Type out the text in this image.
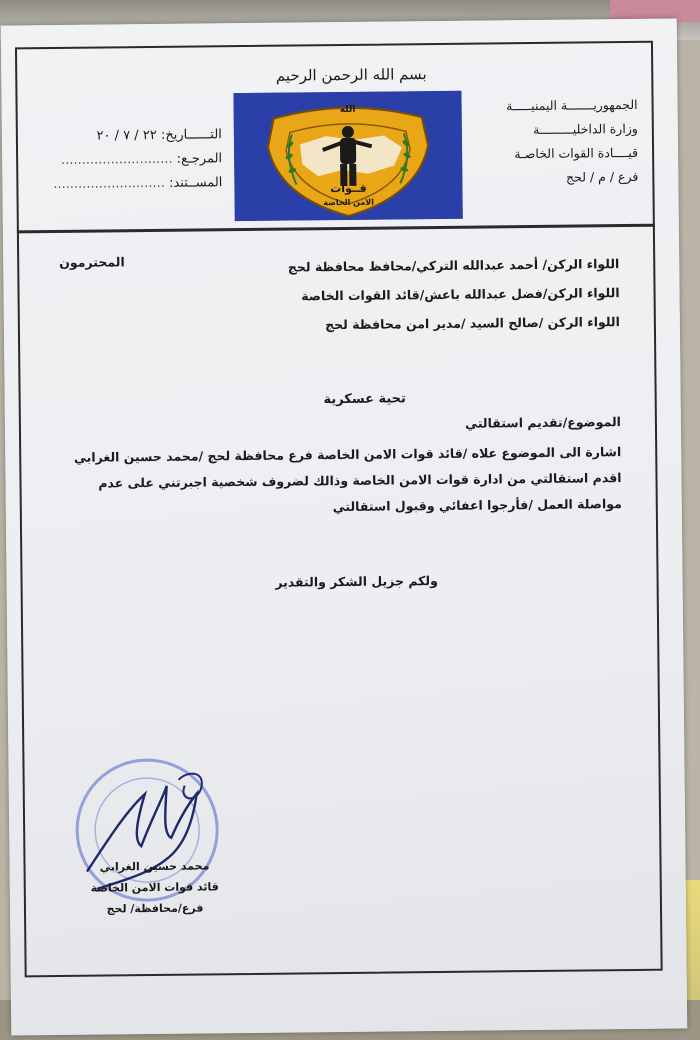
بسم الله الرحمن الرحيم
الجمهوريـــــــة اليمنيـــــة
وزارة الداخليـــــــــة
قيــــادة القوات الخاصـة
فرع / م / لحج
الله
قــوات
الامن الخاصة
التــــــاريخ: ٢٢ / ٧ / ٢٠
المرجـع: ...........................
المســتند: ...........................
اللواء الركن/ أحمد عبدالله التركي/محافظ محافظة لحج
اللواء الركن/فضل عبدالله باعش/قائد القوات الخاصة
اللواء الركن /صالح السيد /مدير امن محافظة لحج
المحترمون
تحية عسكرية
الموضوع/تقديم استقالتي
اشارة الى الموضوع علاه /قائد قوات الامن الخاصة فرع محافظة لحج /محمد حسين الغرابي
اقدم استقالتي من ادارة قوات الامن الخاصة وذالك لضروف شخصية اجبرتني على عدم
مواصلة العمل /فأرجوا اعفائي وقبول استقالتي
ولكم جزيل الشكر والتقدير
محمد حسين الغرابي
قائد قوات الامن الخاصة
فرع/محافظة/ لحج
